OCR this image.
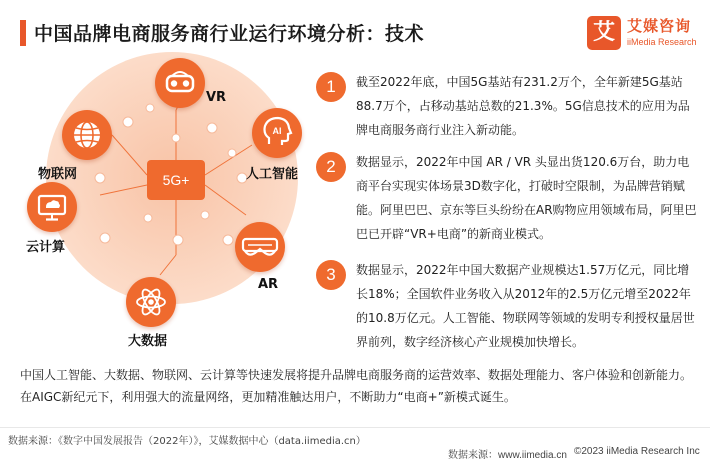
中国品牌电商服务商行业运行环境分析：技术	艾 艾媒咨询
iiMedia Research
5G+
VR
AI
人工智能
AR
大数据
云计算
物联网
1	截至2022年底，中国5G基站有231.2万个，全年新建5G基站88.7万个，占移动基站总数的21.3%。5G信息技术的应用为品牌电商服务商行业注入新动能。
2	数据显示，2022年中国 AR / VR 头显出货120.6万台，助力电商平台实现实体场景3D数字化，打破时空限制，为品牌营销赋能。阿里巴巴、京东等巨头纷纷在AR购物应用领域布局，阿里巴巴已开辟“VR+电商”的新商业模式。
3	数据显示，2022年中国大数据产业规模达1.57万亿元，同比增长18%；全国软件业务收入从2012年的2.5万亿元增至2022年的10.8万亿元。人工智能、物联网等领域的发明专利授权量居世界前列，数字经济核心产业规模加快增长。
中国人工智能、大数据、物联网、云计算等快速发展将提升品牌电商服务商的运营效率、数据处理能力、客户体验和创新能力。在AIGC新纪元下，利用强大的流量网络，更加精准触达用户，不断助力“电商+”新模式诞生。
数据来源：《数字中国发展报告（2022年）》，艾媒数据中心（data.iimedia.cn）
数据来源：www.iimedia.cn ©2023 iiMedia Research Inc
